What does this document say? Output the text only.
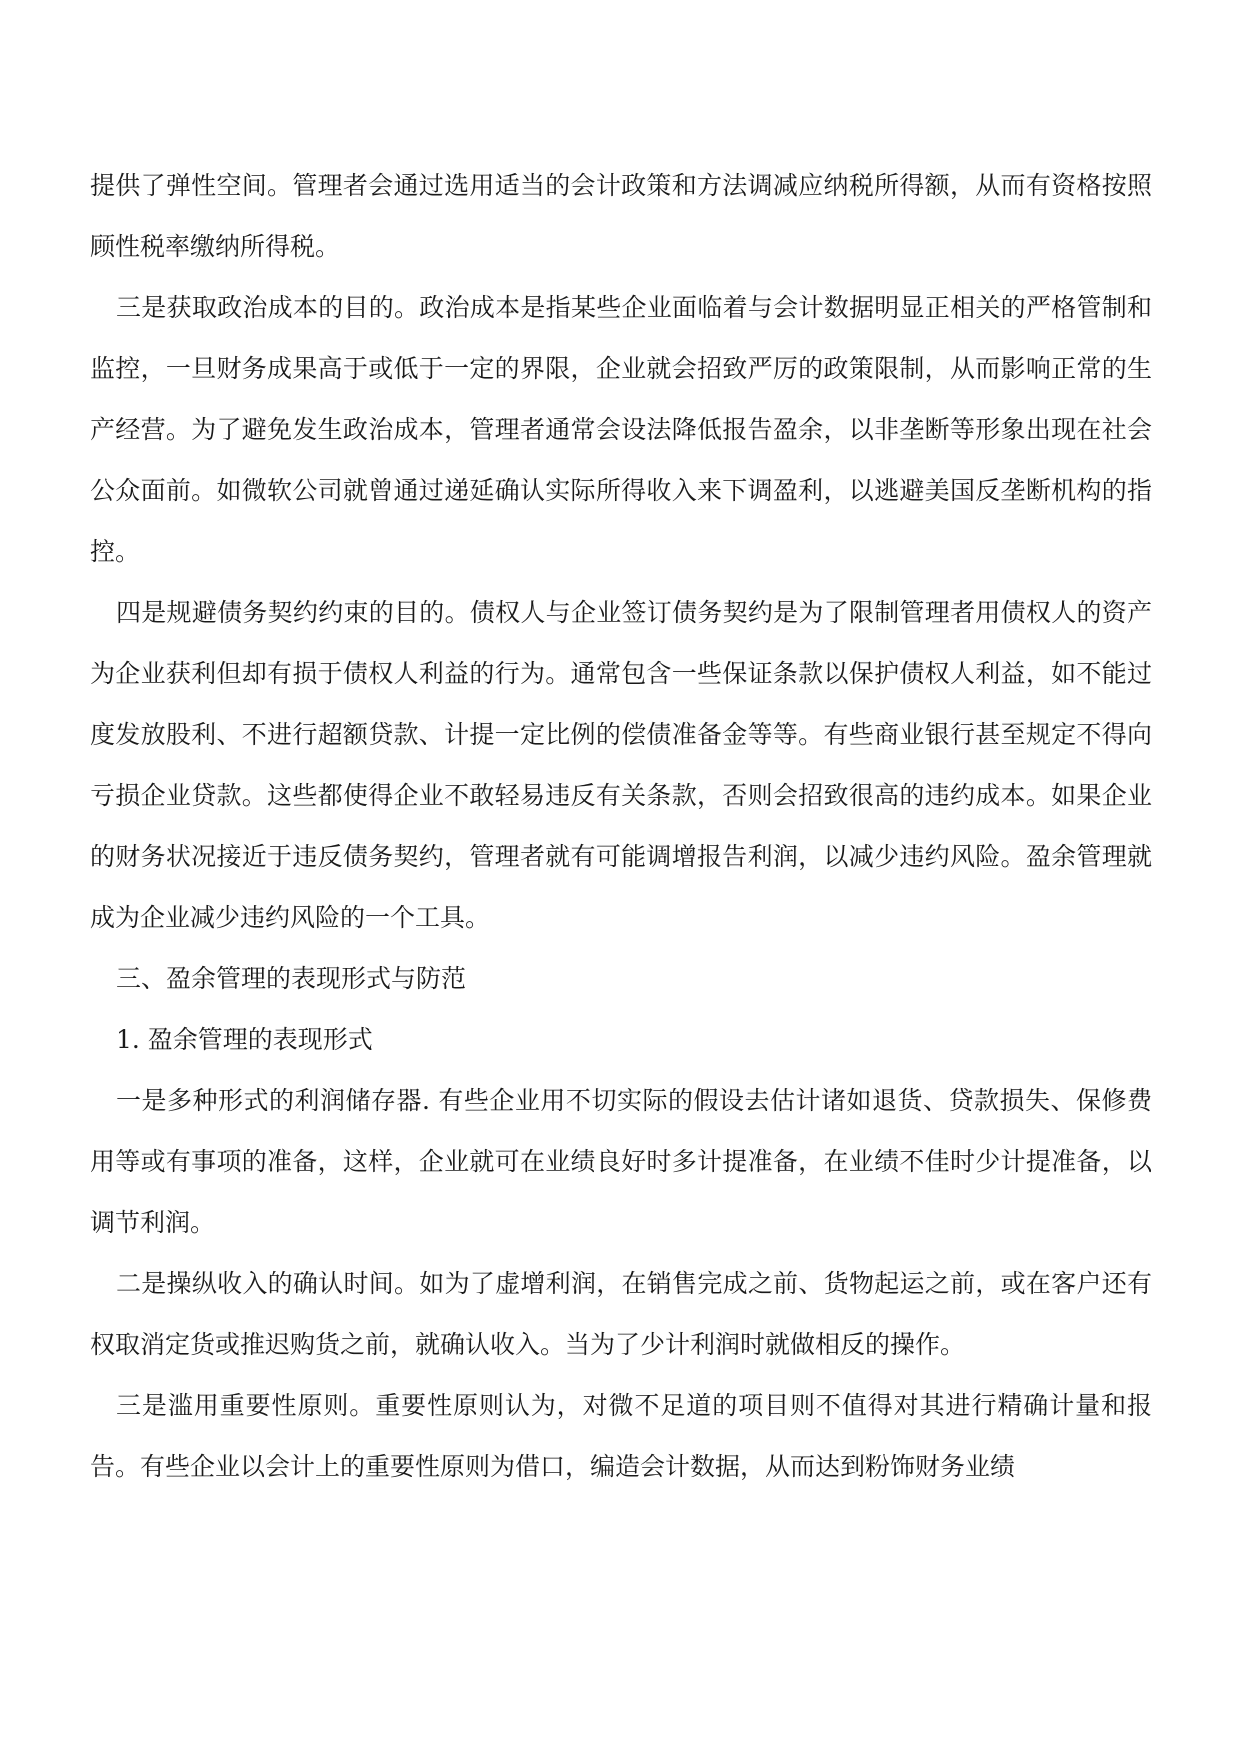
提供了弹性空间。管理者会通过选用适当的会计政策和方法调减应纳税所得额，从而有资格按照顾性税率缴纳所得税。

三是获取政治成本的目的。政治成本是指某些企业面临着与会计数据明显正相关的严格管制和监控，一旦财务成果高于或低于一定的界限，企业就会招致严厉的政策限制，从而影响正常的生产经营。为了避免发生政治成本，管理者通常会设法降低报告盈余，以非垄断等形象出现在社会公众面前。如微软公司就曾通过递延确认实际所得收入来下调盈利，以逃避美国反垄断机构的指控。

四是规避债务契约约束的目的。债权人与企业签订债务契约是为了限制管理者用债权人的资产为企业获利但却有损于债权人利益的行为。通常包含一些保证条款以保护债权人利益，如不能过度发放股利、不进行超额贷款、计提一定比例的偿债准备金等等。有些商业银行甚至规定不得向亏损企业贷款。这些都使得企业不敢轻易违反有关条款，否则会招致很高的违约成本。如果企业的财务状况接近于违反债务契约，管理者就有可能调增报告利润，以减少违约风险。盈余管理就成为企业减少违约风险的一个工具。

三、盈余管理的表现形式与防范

1. 盈余管理的表现形式

一是多种形式的利润储存器. 有些企业用不切实际的假设去估计诸如退货、贷款损失、保修费用等或有事项的准备，这样，企业就可在业绩良好时多计提准备，在业绩不佳时少计提准备，以调节利润。

二是操纵收入的确认时间。如为了虚增利润，在销售完成之前、货物起运之前，或在客户还有权取消定货或推迟购货之前，就确认收入。当为了少计利润时就做相反的操作。

三是滥用重要性原则。重要性原则认为，对微不足道的项目则不值得对其进行精确计量和报告。有些企业以会计上的重要性原则为借口，编造会计数据，从而达到粉饰财务业绩
